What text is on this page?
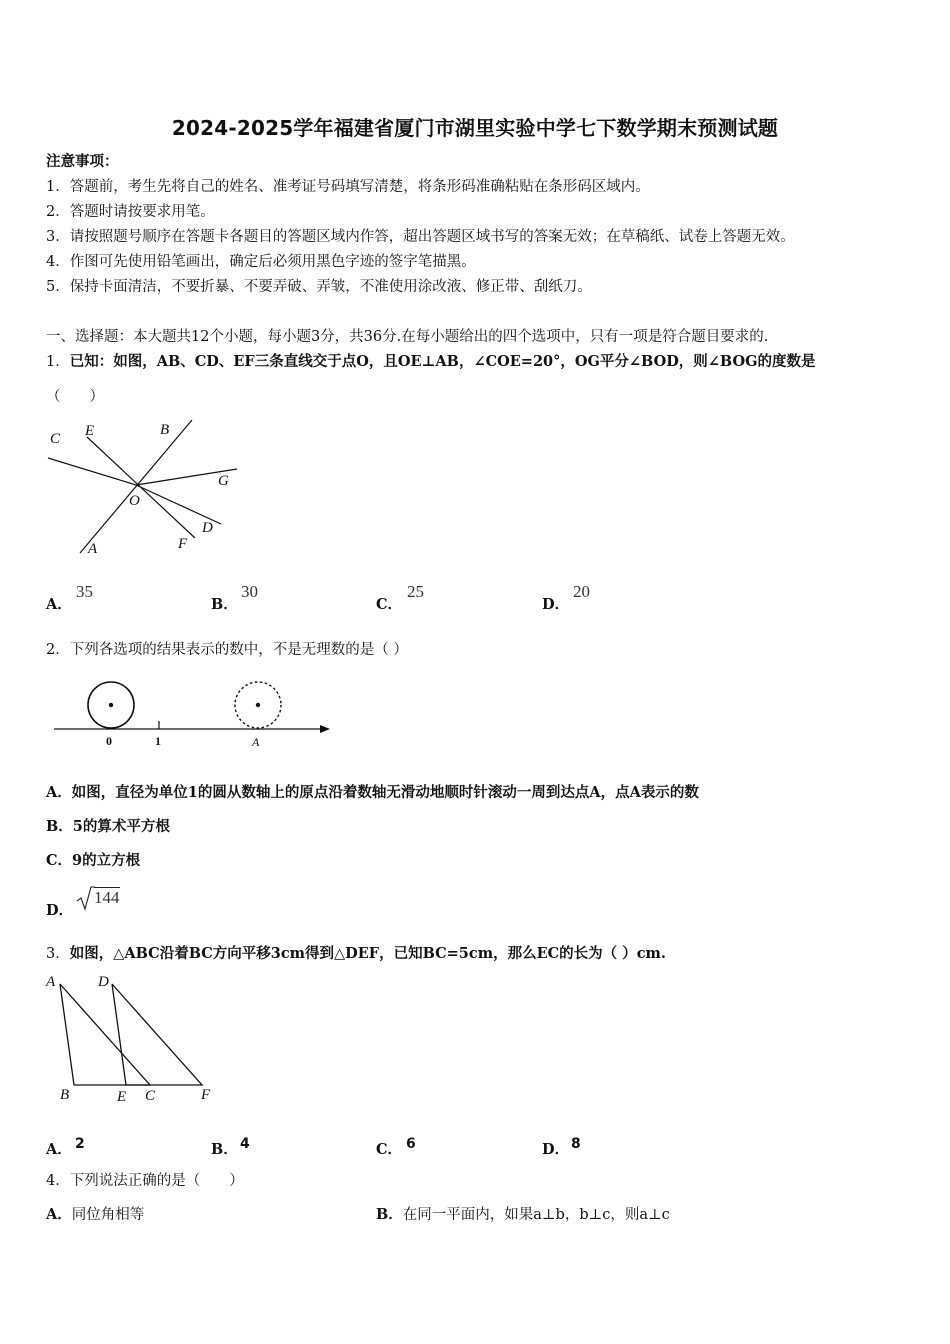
2024-2025学年福建省厦门市湖里实验中学七下数学期末预测试题
注意事项：
1．答题前，考生先将自己的姓名、准考证号码填写清楚，将条形码准确粘贴在条形码区域内。
2．答题时请按要求用笔。
3．请按照题号顺序在答题卡各题目的答题区域内作答，超出答题区域书写的答案无效；在草稿纸、试卷上答题无效。
4．作图可先使用铅笔画出，确定后必须用黑色字迹的签字笔描黑。
5．保持卡面清洁，不要折暴、不要弄破、弄皱，不准使用涂改液、修正带、刮纸刀。
一、选择题：本大题共12个小题，每小题3分，共36分.在每小题给出的四个选项中，只有一项是符合题目要求的.
1．已知：如图，AB、CD、EF三条直线交于点O，且OE⊥AB，∠COE=20°，OG平分∠BOD，则∠BOG的度数是
（　　）
C E	B
G
O
D
A	F
A．
35
B．
30
C．
25
D．
20
2．下列各选项的结果表示的数中，不是无理数的是（ ）
0	1	A
A．如图，直径为单位1的圆从数轴上的原点沿着数轴无滑动地顺时针滚动一周到达点A，点A表示的数
B．5的算术平方根
C．9的立方根
D．
144
3．如图，△ABC沿着BC方向平移3cm得到△DEF，已知BC=5cm，那么EC的长为（ ）cm.
A	D
B	E C	F
A． 2	B． 4	C． 6	D． 8
4．下列说法正确的是（　　）
A．同位角相等	B．在同一平面内，如果a⊥b，b⊥c，则a⊥c
